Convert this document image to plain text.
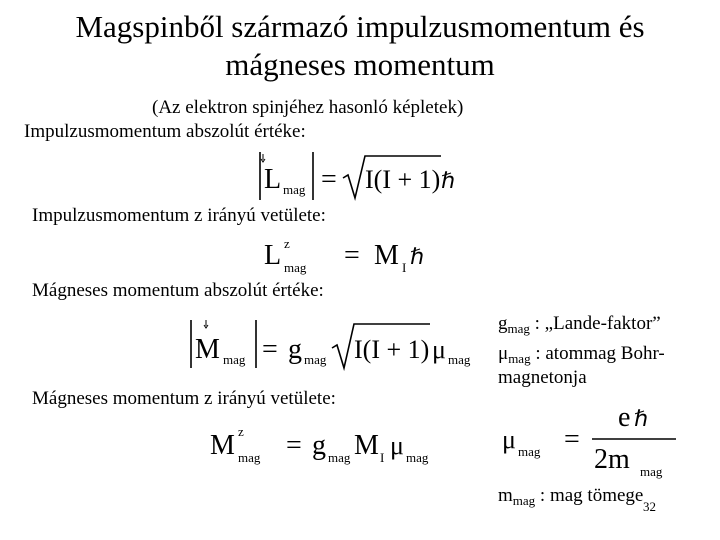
Magspinből származó impulzusmomentum és
mágneses momentum
(Az elektron spinjéhez hasonló képletek)
Impulzusmomentum abszolút értéke:
L mag = I(I + 1) ℏ
Impulzusmomentum z irányú vetülete:
L z
mag = M I ℏ
Mágneses momentum abszolút értéke:
M mag = g mag I(I + 1) μ mag
Mágneses momentum z irányú vetülete:
M z
mag = g mag M I μ mag
$g_{mag}$ : „Lande-faktor”
$\mu_{mag}$ : atommag Bohr-
magnetonja
μ mag =
e ℏ
2m mag
$m_{mag}$ : mag tömege
32
